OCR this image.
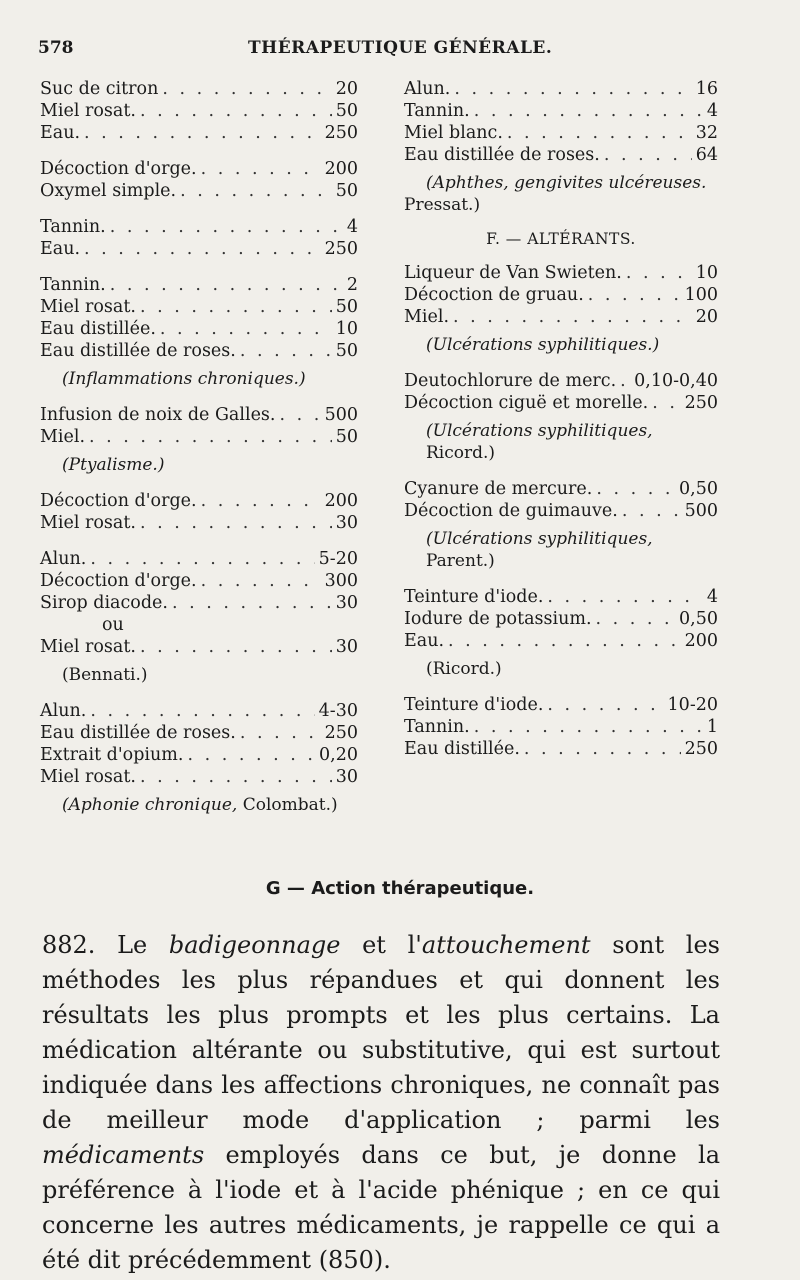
578	THÉRAPEUTIQUE GÉNÉRALE.
Suc de citron . . .	20
Miel rosat. . . .	50
Eau. . . .	250
Décoction d'orge. . . .	200
Oxymel simple. . . .	50
Tannin. . . .	4
Eau. . . .	250
Tannin. . . .	2
Miel rosat. . . .	50
Eau distillée. . . .	10
Eau distillée de roses. . . .	50
(Inflammations chroniques.)
Infusion de noix de Galles. . . .	500
Miel. . . .	50
(Ptyalisme.)
Décoction d'orge. . . .	200
Miel rosat. . . .	30
Alun. . . .	5-20
Décoction d'orge. . . .	300
Sirop diacode. . . .	30
ou
Miel rosat. . . .	30
(Bennati.)
Alun. . . .	4-30
Eau distillée de roses. . . .	250
Extrait d'opium. . . .	0,20
Miel rosat. . . .	30
(Aphonie chronique, Colombat.)
Alun. . . .	16
Tannin. . . .	4
Miel blanc. . . .	32
Eau distillée de roses. . . .	64
(Aphthes, gengivites ulcéreuses.
Pressat.)
F. — ALTÉRANTS.
Liqueur de Van Swieten. . . .	10
Décoction de gruau. . . .	100
Miel. . . .	20
(Ulcérations syphilitiques.)
Deutochlorure de merc. . . . 0,10-0,40
Décoction ciguë et morelle. . . . 250
(Ulcérations syphilitiques, Ricord.)
Cyanure de mercure. . . .	0,50
Décoction de guimauve. . . .	500
(Ulcérations syphilitiques, Parent.)
Teinture d'iode. . . .	4
Iodure de potassium. . . .	0,50
Eau. . . .	200
(Ricord.)
Teinture d'iode. . . .	10-20
Tannin. . . .	1
Eau distillée. . . .	250
G — Action thérapeutique.
882. Le badigeonnage et l'attouchement sont les méthodes les plus répandues et qui donnent les résultats les plus prompts et les plus certains. La médication altérante ou substitutive, qui est surtout indiquée dans les affections chroniques, ne connaît pas de meilleur mode d'application ; parmi les médicaments employés dans ce but, je donne la préférence à l'iode et à l'acide phénique ; en ce qui concerne les autres médicaments, je rappelle ce qui a été dit précédemment (850).
